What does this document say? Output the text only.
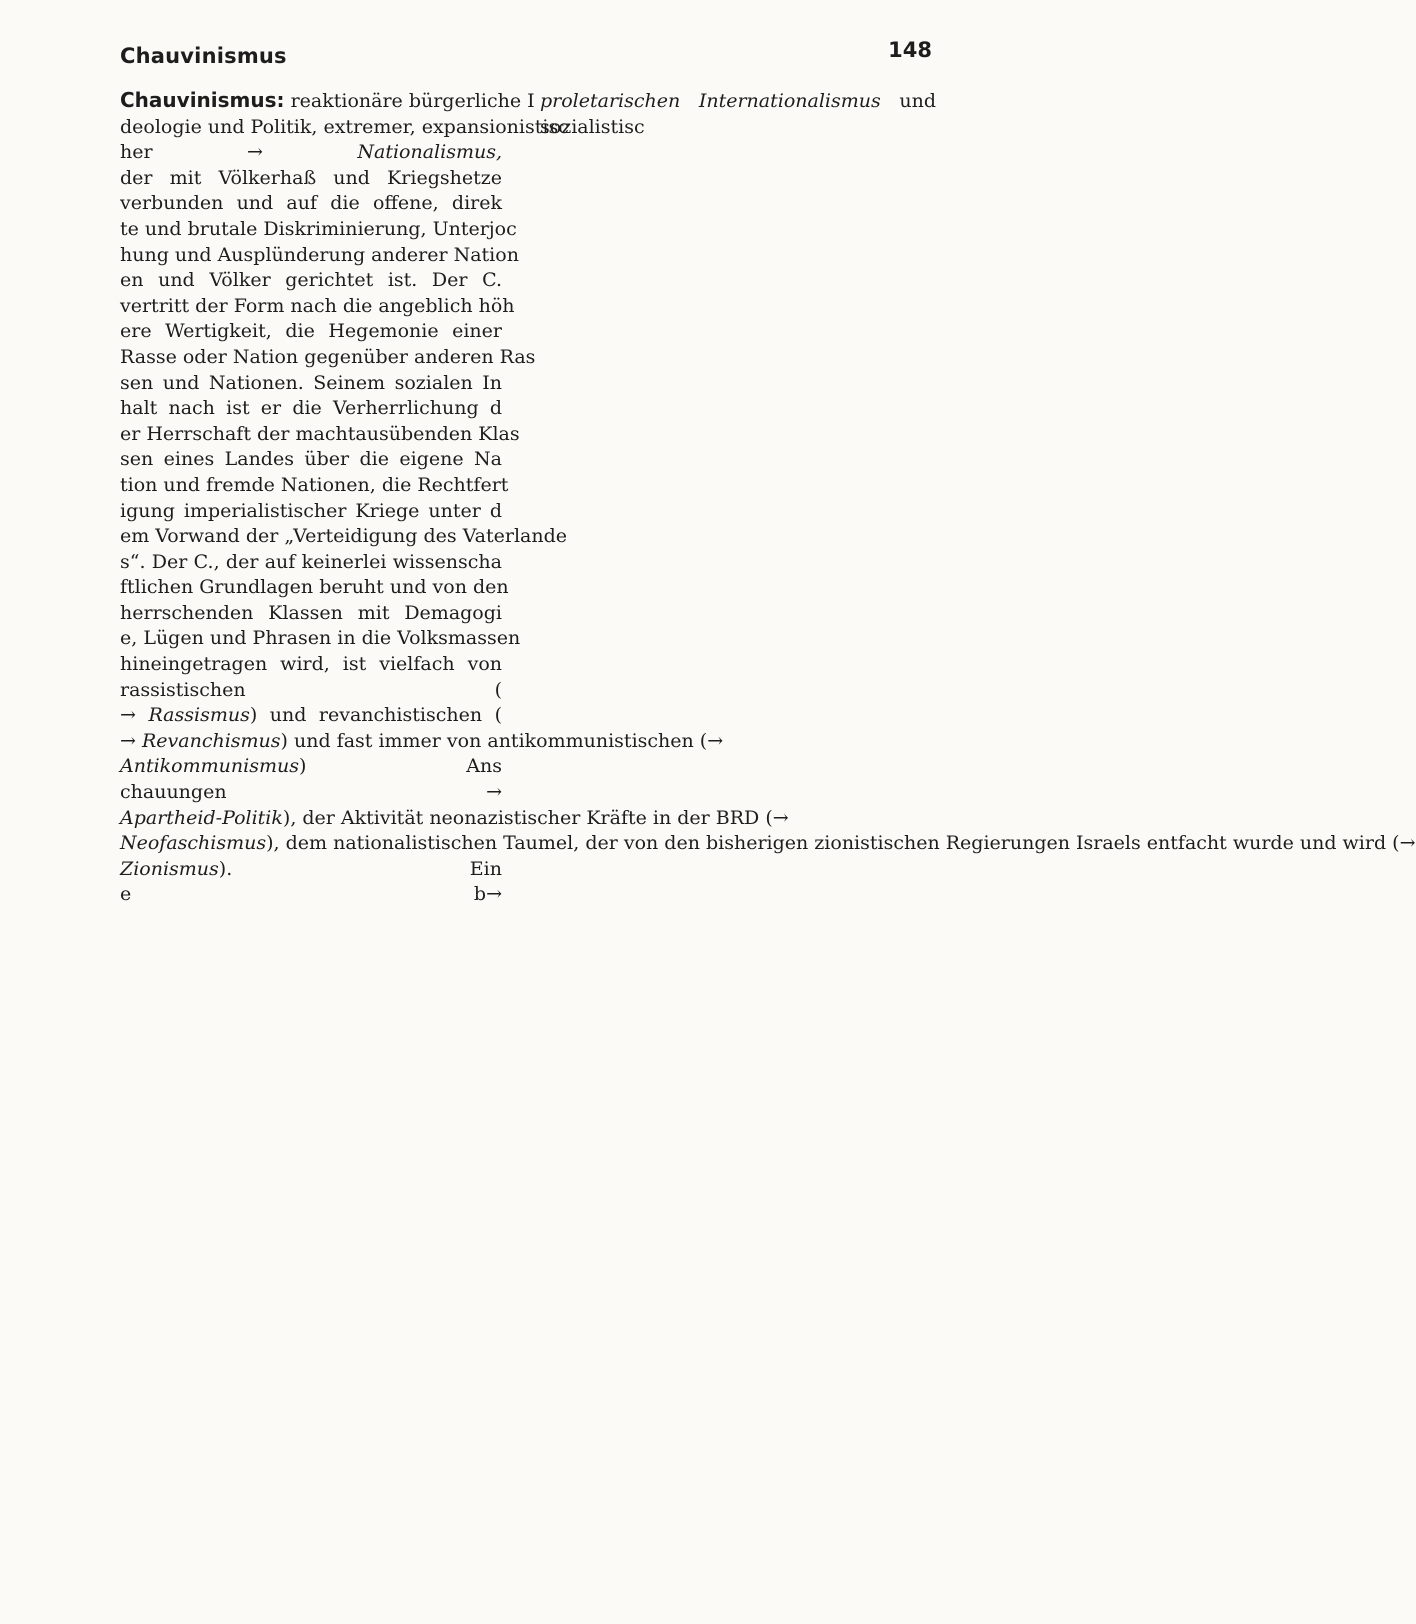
Chauvinismus	148
Chauvinismus: reaktionäre bürgerliche I
deologie und Politik, extremer, expansionistisc
her → Nationalismus,
der mit Völkerhaß und Kriegshetze
verbunden und auf die offene, direk
te und brutale Diskriminierung, Unterjoc
hung und Ausplünderung anderer Nation
en und Völker gerichtet ist. Der C.
vertritt der Form nach die angeblich höh
ere Wertigkeit, die Hegemonie einer
Rasse oder Nation gegenüber anderen Ras
sen und Nationen. Seinem sozialen In
halt nach ist er die Verherrlichung d
er Herrschaft der machtausübenden Klas
sen eines Landes über die eigene Na
tion und fremde Nationen, die Rechtfert
igung imperialistischer Kriege unter d
em Vorwand der „Verteidigung des Vaterlande
s“. Der C., der auf keinerlei wissenscha
ftlichen Grundlagen beruht und von den
herrschenden Klassen mit Demagogi
e, Lügen und Phrasen in die Volksmassen
hineingetragen wird, ist vielfach von
rassistischen (
→ Rassismus) und revanchistischen (
→ Revanchismus) und fast immer von antikommunistischen (→
Antikommunismus) Ans
chauungen →
Apartheid-Politik), der Aktivität neonazistischer Kräfte in der BRD (→
Neofaschismus), dem nationalistischen Taumel, der von den bisherigen zionistischen Regierungen Israels entfacht wurde und wird (→
Zionismus). Ein
e b→
proletarischen Internationalismus und sozialistisc
